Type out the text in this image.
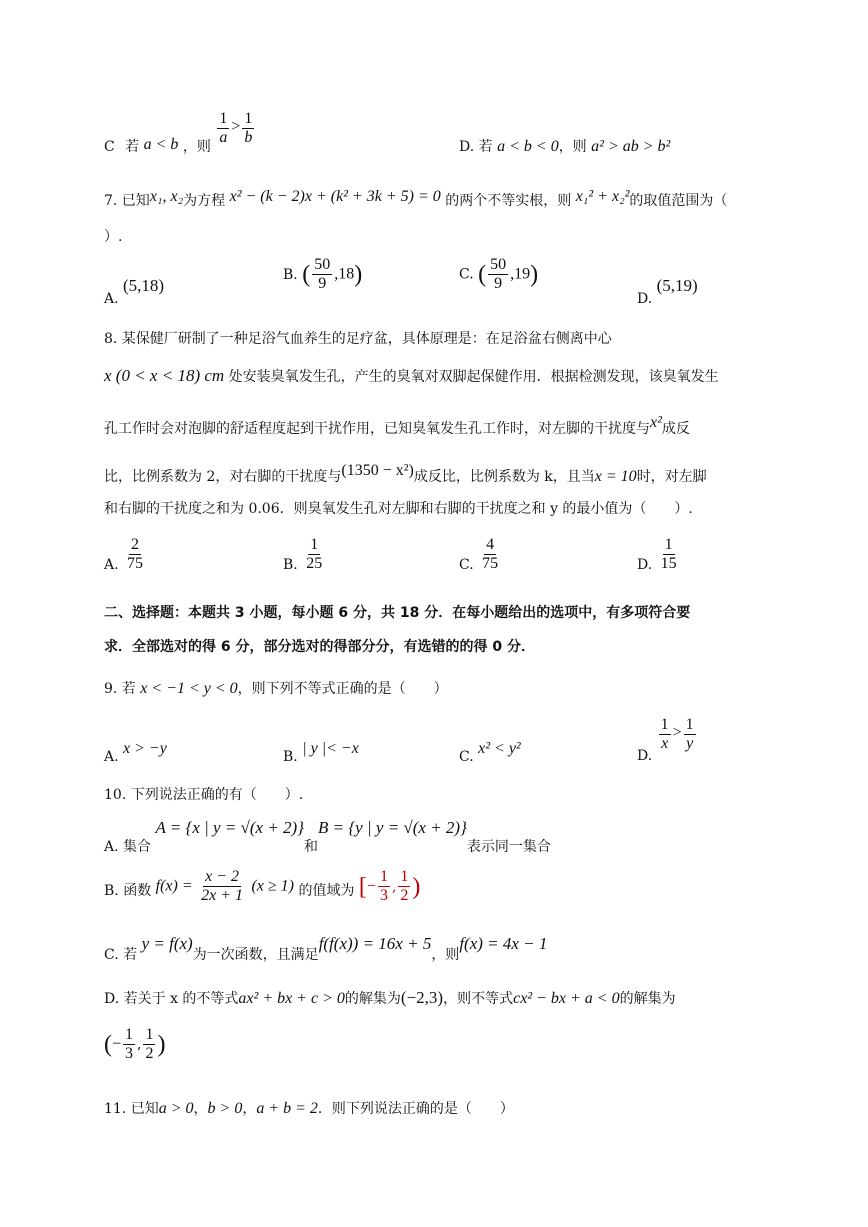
C 若 a < b ，则 $\frac{1}{a} > \frac{1}{b}$	D. 若 a < b < 0，则 a² > ab > b²
7. 已知x₁, x₂为方程 x² − (k − 2)x + (k² + 3k + 5) = 0 的两个不等实根，则 x₁² + x₂²的取值范围为（
）.
A. (5,18)
B. ( $\frac{50}{9} ,18$)	C. ( $\frac{50}{9} ,19$)
D. (5,19)
8. 某保健厂研制了一种足浴气血养生的足疗盆，具体原理是：在足浴盆右侧离中心
x (0 < x < 18) cm 处安装臭氧发生孔，产生的臭氧对双脚起保健作用．根据检测发现，该臭氧发生
孔工作时会对泡脚的舒适程度起到干扰作用，已知臭氧发生孔工作时，对左脚的干扰度与x²成反
比，比例系数为 2，对右脚的干扰度与(1350 − x²)成反比，比例系数为 k，且当x = 10时，对左脚
和右脚的干扰度之和为 0.06．则臭氧发生孔对左脚和右脚的干扰度之和 y 的最小值为（　　）.
A. $\frac{2}{75}$	B. $\frac{1}{25}$	C. $\frac{4}{75}$	D. $\frac{1}{15}$
二、选择题：本题共 3 小题，每小题 6 分，共 18 分．在每小题给出的选项中，有多项符合要
求．全部选对的得 6 分，部分选对的得部分分，有选错的的得 0 分．
9. 若 x < −1 < y < 0，则下列不等式正确的是（　　）
A. x > −y	B. | y |< −x	C. x² < y²	D.
$\frac{1}{x} > \frac{1}{y}$
10. 下列说法正确的有（　　）.
A. 集合 A = {x | y = √(x + 2)}和B = {y | y = √(x + 2)}表示同一集合
B. 函数 $f(x) = \frac{x - 2}{2x + 1} (x \ge 1)$ 的值域为 [− $\frac{1}{3}$ , $\frac{1}{2}$ )
C. 若 y = f(x)为一次函数，且满足f(f(x)) = 16x + 5，则f(x) = 4x − 1
D. 若关于 x 的不等式ax² + bx + c > 0的解集为(−2,3)，则不等式cx² − bx + a < 0的解集为
(− $\frac{1}{3}$ , $\frac{1}{2}$ )
11. 已知a > 0，b > 0，a + b = 2．则下列说法正确的是（　　）
